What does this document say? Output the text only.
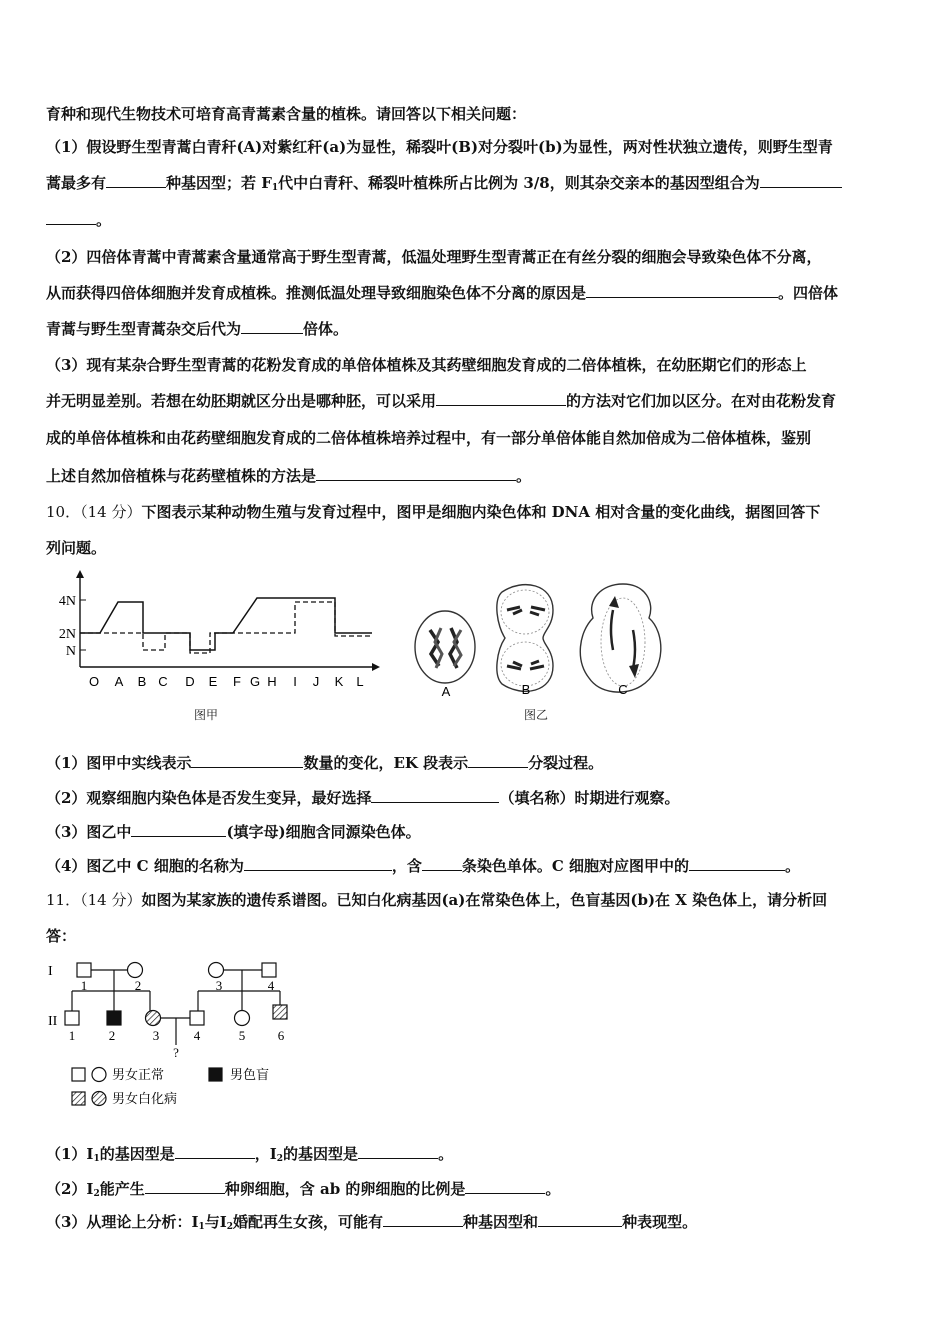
育种和现代生物技术可培育高青蒿素含量的植株。请回答以下相关问题：
（1）假设野生型青蒿白青秆(A)对紫红秆(a)为显性，稀裂叶(B)对分裂叶(b)为显性，两对性状独立遗传，则野生型青
蒿最多有	种基因型；若 $F_1$代中白青秆、稀裂叶植株所占比例为 3/8，则其杂交亲本的基因型组合为
。
（2）四倍体青蒿中青蒿素含量通常高于野生型青蒿，低温处理野生型青蒿正在有丝分裂的细胞会导致染色体不分离，
从而获得四倍体细胞并发育成植株。推测低温处理导致细胞染色体不分离的原因是	。四倍体
青蒿与野生型青蒿杂交后代为	倍体。
（3）现有某杂合野生型青蒿的花粉发育成的单倍体植株及其药壁细胞发育成的二倍体植株，在幼胚期它们的形态上
并无明显差别。若想在幼胚期就区分出是哪种胚，可以采用	的方法对它们加以区分。在对由花粉发育
成的单倍体植株和由花药壁细胞发育成的二倍体植株培养过程中，有一部分单倍体能自然加倍成为二倍体植株，鉴别
上述自然加倍植株与花药壁植株的方法是	。
10．（14 分）下图表示某种动物生殖与发育过程中，图甲是细胞内染色体和 DNA 相对含量的变化曲线，据图回答下
列问题。
4N
2N
N
O A B C D E F G H I J K L
图甲
A	B	C
图乙
（1）图甲中实线表示	数量的变化，EK 段表示	分裂过程。
（2）观察细胞内染色体是否发生变异，最好选择	（填名称）时期进行观察。
（3）图乙中	(填字母)细胞含同源染色体。
（4）图乙中 C 细胞的名称为	，含	条染色单体。C 细胞对应图甲中的	。
11．（14 分）如图为某家族的遗传系谱图。已知白化病基因(a)在常染色体上，色盲基因(b)在 X 染色体上，请分析回
答：
I
II
1	2	3	4
1	2	3	4	5	6
?
男女正常	男色盲
男女白化病
$(1)Ⅰ_1$的基因型是	，$Ⅰ_2$的基因型是	。
$(2)Ⅰ_2$能产生	种卵细胞，含 ab 的卵细胞的比例是	。
（3）从理论上分析：$Ⅰ_1$与$Ⅰ_2$婚配再生女孩，可能有	种基因型和	种表现型。
